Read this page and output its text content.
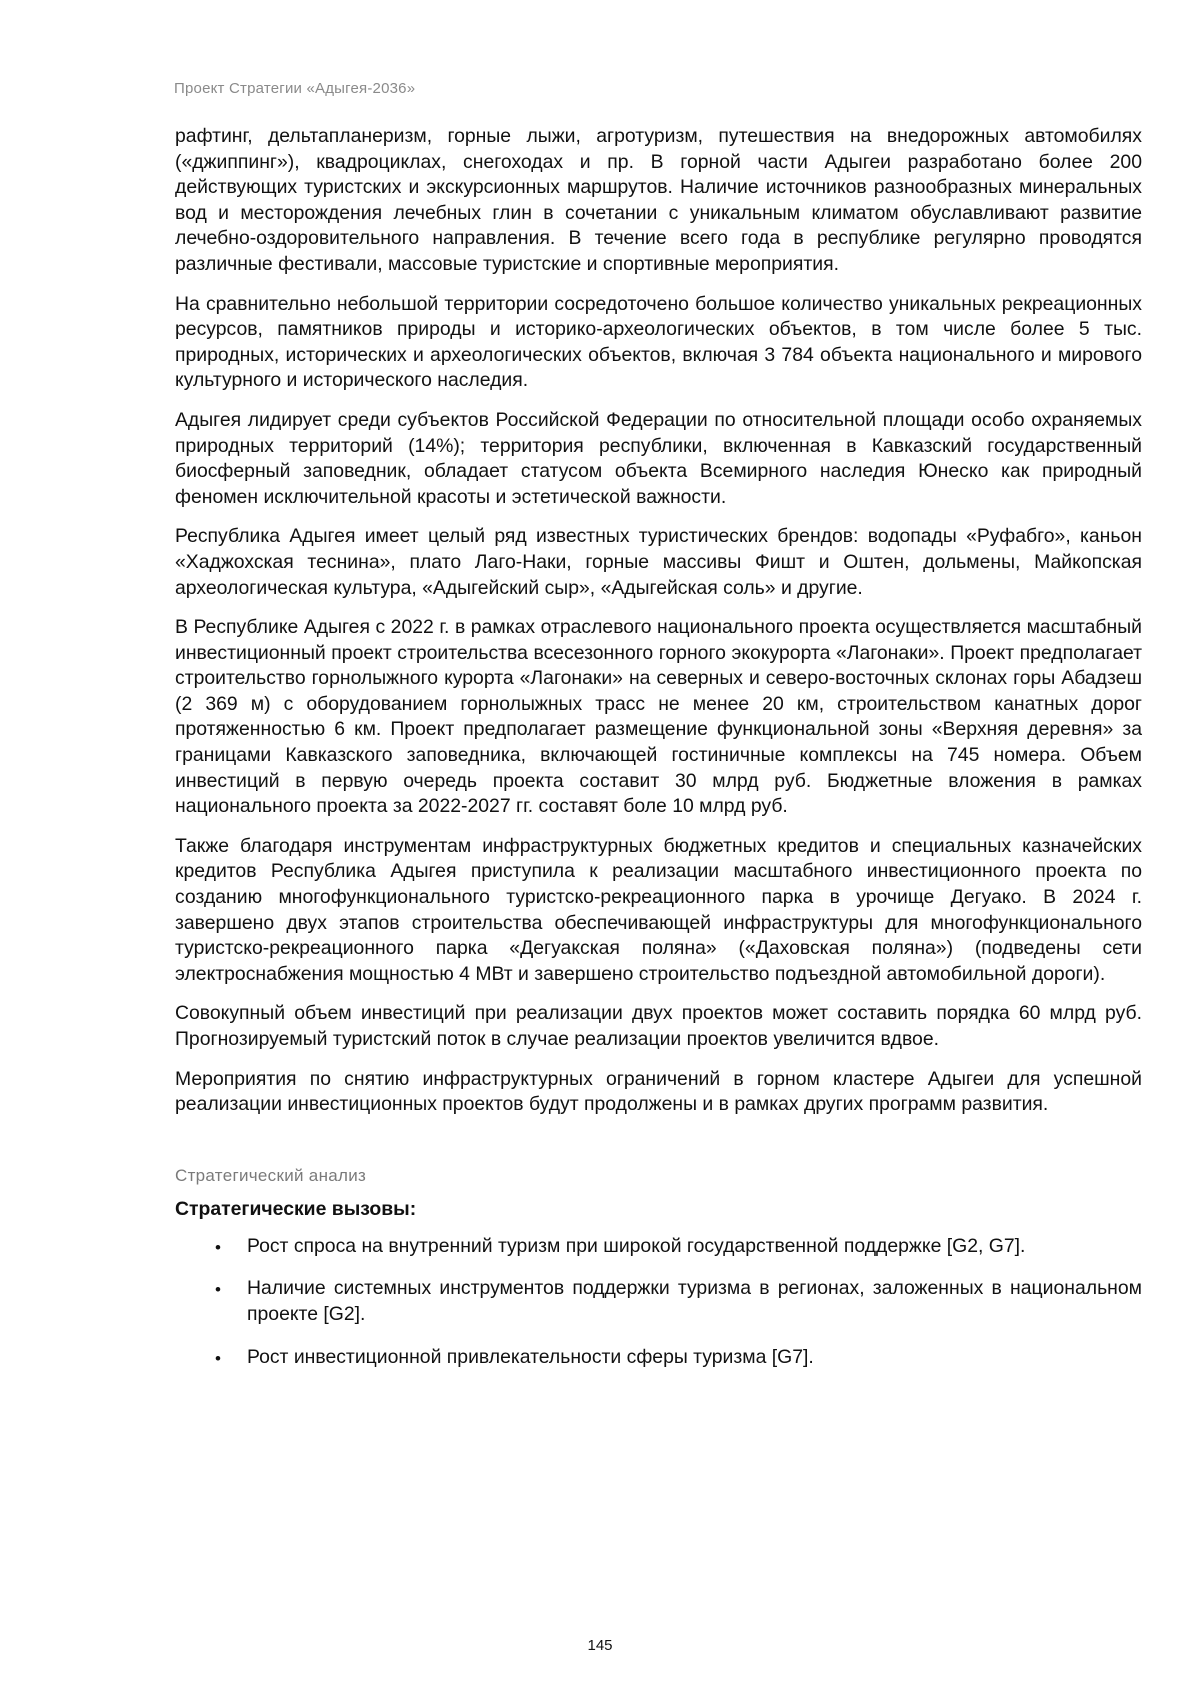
Проект Стратегии «Адыгея-2036»

рафтинг, дельтапланеризм, горные лыжи, агротуризм, путешествия на внедорожных автомобилях («джиппинг»), квадроциклах, снегоходах и пр. В горной части Адыгеи разработано более 200 действующих туристских и экскурсионных маршрутов. Наличие источников разнообразных минеральных вод и месторождения лечебных глин в сочетании с уникальным климатом обуславливают развитие лечебно-оздоровительного направления. В течение всего года в республике регулярно проводятся различные фестивали, массовые туристские и спортивные мероприятия.

На сравнительно небольшой территории сосредоточено большое количество уникальных рекреационных ресурсов, памятников природы и историко-археологических объектов, в том числе более 5 тыс. природных, исторических и археологических объектов, включая 3 784 объекта национального и мирового культурного и исторического наследия.

Адыгея лидирует среди субъектов Российской Федерации по относительной площади особо охраняемых природных территорий (14%); территория республики, включенная в Кавказский государственный биосферный заповедник, обладает статусом объекта Всемирного наследия Юнеско как природный феномен исключительной красоты и эстетической важности.

Республика Адыгея имеет целый ряд известных туристических брендов: водопады «Руфабго», каньон «Хаджохская теснина», плато Лаго-Наки, горные массивы Фишт и Оштен, дольмены, Майкопская археологическая культура, «Адыгейский сыр», «Адыгейская соль» и другие.

В Республике Адыгея с 2022 г. в рамках отраслевого национального проекта осуществляется масштабный инвестиционный проект строительства всесезонного горного экокурорта «Лагонаки». Проект предполагает строительство горнолыжного курорта «Лагонаки» на северных и северо-восточных склонах горы Абадзеш (2 369 м) с оборудованием горнолыжных трасс не менее 20 км, строительством канатных дорог протяженностью 6 км. Проект предполагает размещение функциональной зоны «Верхняя деревня» за границами Кавказского заповедника, включающей гостиничные комплексы на 745 номера. Объем инвестиций в первую очередь проекта составит 30 млрд руб. Бюджетные вложения в рамках национального проекта за 2022-2027 гг. составят боле 10 млрд руб.

Также благодаря инструментам инфраструктурных бюджетных кредитов и специальных казначейских кредитов Республика Адыгея приступила к реализации масштабного инвестиционного проекта по созданию многофункционального туристско-рекреационного парка в урочище Дегуако. В 2024 г. завершено двух этапов строительства обеспечивающей инфраструктуры для многофункционального туристско-рекреационного парка «Дегуакская поляна» («Даховская поляна») (подведены сети электроснабжения мощностью 4 МВт и завершено строительство подъездной автомобильной дороги).

Совокупный объем инвестиций при реализации двух проектов может составить порядка 60 млрд руб. Прогнозируемый туристский поток в случае реализации проектов увеличится вдвое.

Мероприятия по снятию инфраструктурных ограничений в горном кластере Адыгеи для успешной реализации инвестиционных проектов будут продолжены и в рамках других программ развития.

Стратегический анализ
Стратегические вызовы:
• Рост спроса на внутренний туризм при широкой государственной поддержке [G2, G7].
• Наличие системных инструментов поддержки туризма в регионах, заложенных в национальном проекте [G2].
• Рост инвестиционной привлекательности сферы туризма [G7].
145
